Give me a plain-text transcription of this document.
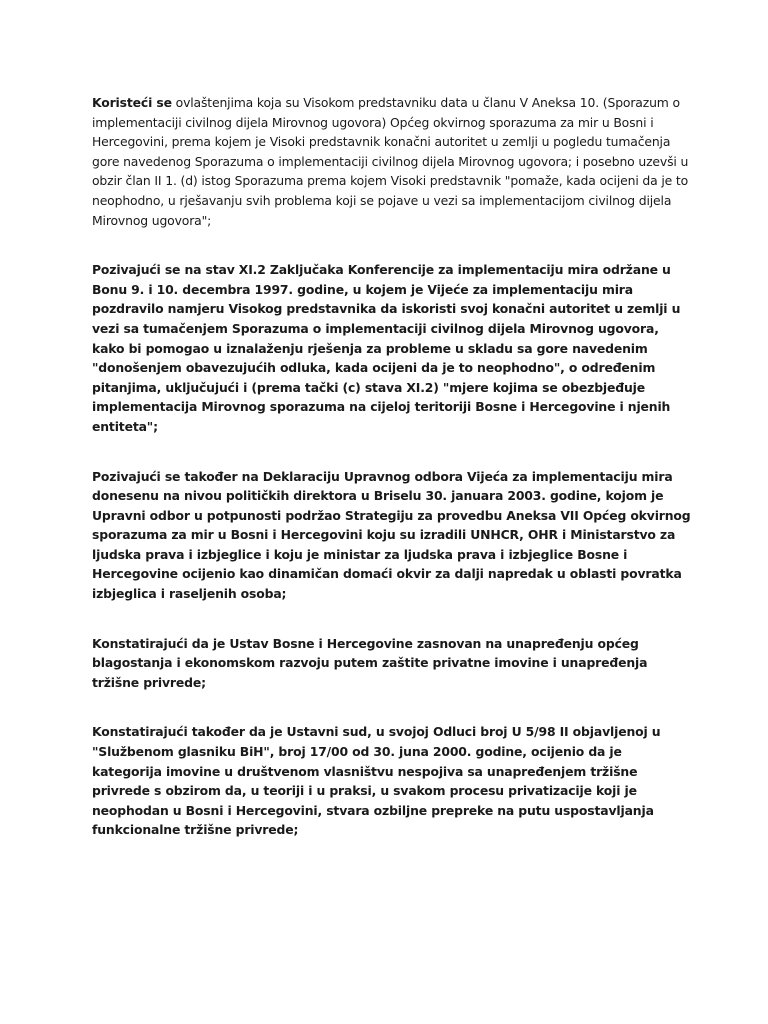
Koristeći se ovlaštenjima koja su Visokom predstavniku data u članu V Aneksa 10. (Sporazum o implementaciji civilnog dijela Mirovnog ugovora) Općeg okvirnog sporazuma za mir u Bosni i Hercegovini, prema kojem je Visoki predstavnik konačni autoritet u zemlji u pogledu tumačenja gore navedenog Sporazuma o implementaciji civilnog dijela Mirovnog ugovora; i posebno uzevši u obzir član II 1. (d) istog Sporazuma prema kojem Visoki predstavnik "pomaže, kada ocijeni da je to neophodno, u rješavanju svih problema koji se pojave u vezi sa implementacijom civilnog dijela Mirovnog ugovora";

Pozivajući se na stav XI.2 Zaključaka Konferencije za implementaciju mira održane u Bonu 9. i 10. decembra 1997. godine, u kojem je Vijeće za implementaciju mira pozdravilo namjeru Visokog predstavnika da iskoristi svoj konačni autoritet u zemlji u vezi sa tumačenjem Sporazuma o implementaciji civilnog dijela Mirovnog ugovora, kako bi pomogao u iznalaženju rješenja za probleme u skladu sa gore navedenim "donošenjem obavezujućih odluka, kada ocijeni da je to neophodno", o određenim pitanjima, uključujući i (prema tački (c) stava XI.2) "mjere kojima se obezbjeđuje implementacija Mirovnog sporazuma na cijeloj teritoriji Bosne i Hercegovine i njenih entiteta";

Pozivajući se također na Deklaraciju Upravnog odbora Vijeća za implementaciju mira donesenu na nivou političkih direktora u Briselu 30. januara 2003. godine, kojom je Upravni odbor u potpunosti podržao Strategiju za provedbu Aneksa VII Općeg okvirnog sporazuma za mir u Bosni i Hercegovini koju su izradili UNHCR, OHR i Ministarstvo za ljudska prava i izbjeglice i koju je ministar za ljudska prava i izbjeglice Bosne i Hercegovine ocijenio kao dinamičan domaći okvir za dalji napredak u oblasti povratka izbjeglica i raseljenih osoba;

Konstatirajući da je Ustav Bosne i Hercegovine zasnovan na unapređenju općeg blagostanja i ekonomskom razvoju putem zaštite privatne imovine i unapređenja tržišne privrede;

Konstatirajući također da je Ustavni sud, u svojoj Odluci broj U 5/98 II objavljenoj u "Službenom glasniku BiH", broj 17/00 od 30. juna 2000. godine, ocijenio da je kategorija imovine u društvenom vlasništvu nespojiva sa unapređenjem tržišne privrede s obzirom da, u teoriji i u praksi, u svakom procesu privatizacije koji je neophodan u Bosni i Hercegovini, stvara ozbiljne prepreke na putu uspostavljanja funkcionalne tržišne privrede;
